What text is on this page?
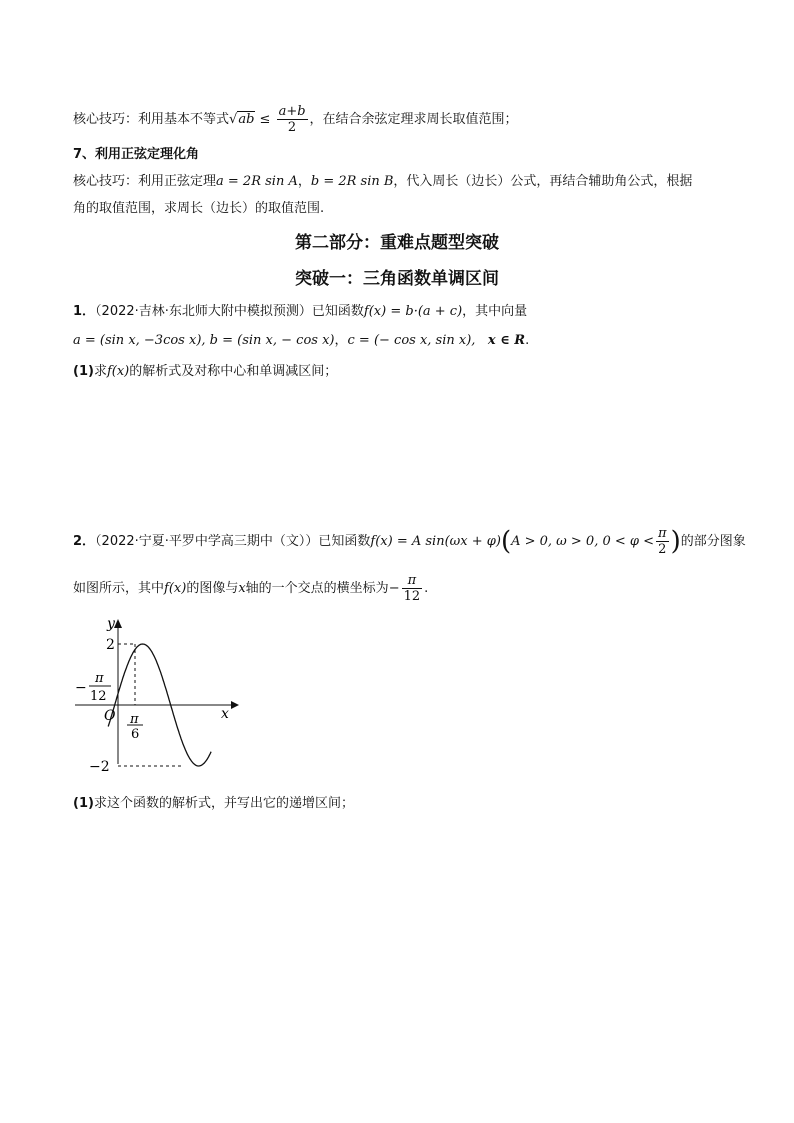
核心技巧：利用基本不等式$√ab \le \frac{a+b}{2}$ ，在结合余弦定理求周长取值范围；
7、利用正弦定理化角
核心技巧：利用正弦定理a = 2R sin A，b = 2R sin B，代入周长（边长）公式，再结合辅助角公式，根据
角的取值范围，求周长（边长）的取值范围.
第二部分：重难点题型突破
突破一：三角函数单调区间
1．（2022·吉林·东北师大附中模拟预测）已知函数f(x) = b·(a + c)，其中向量
a = (sin x, −3cos x), b = (sin x, − cos x)，c = (− cos x, sin x), x ∈ R.
(1)求f(x)的解析式及对称中心和单调减区间；
2．（2022·宁夏·平罗中学高三期中（文））已知函数f(x) = A sin(ωx + φ)(A > 0, ω > 0, $0 < \varphi < \frac{\pi}{2}$ )的部分图象
如图所示，其中f(x)的图像与x轴的一个交点的横坐标为− $\frac{\pi}{12}$ .
y
x
O
2
−2
−
π
12
π
6
(1)求这个函数的解析式，并写出它的递增区间；
